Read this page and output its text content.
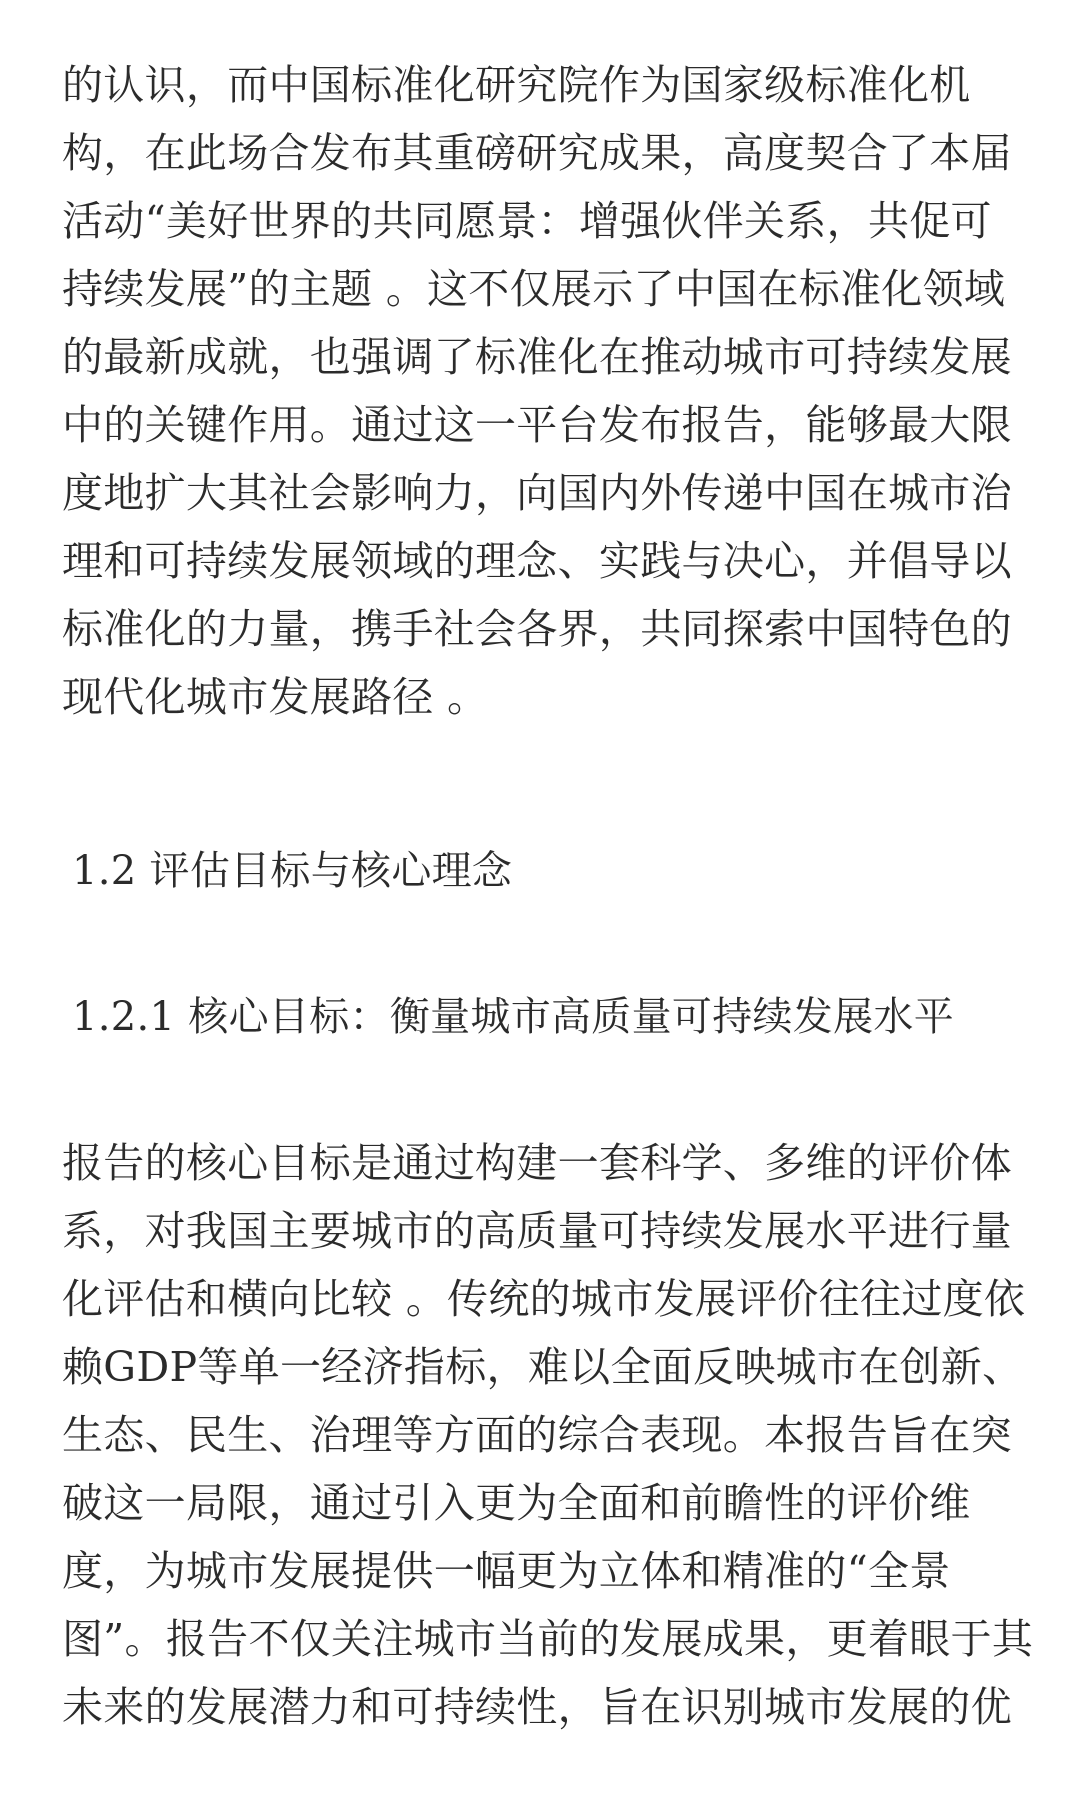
的认识，而中国标准化研究院作为国家级标准化机

构，在此场合发布其重磅研究成果，高度契合了本届

活动“美好世界的共同愿景：增强伙伴关系，共促可

持续发展”的主题 。这不仅展示了中国在标准化领域

的最新成就，也强调了标准化在推动城市可持续发展

中的关键作用。通过这一平台发布报告，能够最大限

度地扩大其社会影响力，向国内外传递中国在城市治

理和可持续发展领域的理念、实践与决心，并倡导以

标准化的力量，携手社会各界，共同探索中国特色的

现代化城市发展路径 。

1.2 评估目标与核心理念
1.2.1 核心目标：衡量城市高质量可持续发展水平

报告的核心目标是通过构建一套科学、多维的评价体

系，对我国主要城市的高质量可持续发展水平进行量

化评估和横向比较 。传统的城市发展评价往往过度依

赖GDP等单一经济指标，难以全面反映城市在创新、

生态、民生、治理等方面的综合表现。本报告旨在突

破这一局限，通过引入更为全面和前瞻性的评价维

度，为城市发展提供一幅更为立体和精准的“全景

图”。报告不仅关注城市当前的发展成果，更着眼于其

未来的发展潜力和可持续性，旨在识别城市发展的优
